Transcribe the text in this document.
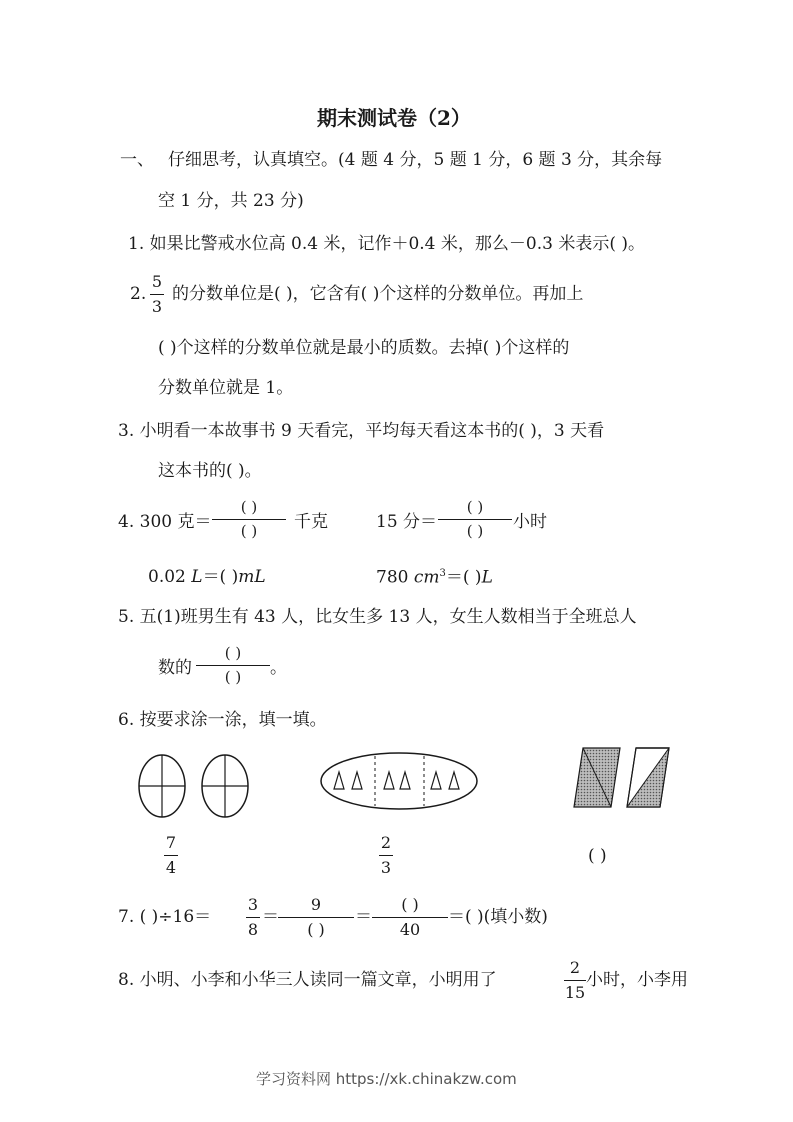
期末测试卷（2）
一、 仔细思考，认真填空。(4 题 4 分，5 题 1 分，6 题 3 分，其余每
空 1 分，共 23 分)
1. 如果比警戒水位高 0.4 米，记作＋0.4 米，那么－0.3 米表示( )。
2.
5
3
的分数单位是( )，它含有( )个这样的分数单位。再加上
( )个这样的分数单位就是最小的质数。去掉( )个这样的
分数单位就是 1。
3. 小明看一本故事书 9 天看完，平均每天看这本书的( )，3 天看
这本书的( )。
4. 300 克＝
( )
( )	千克	15 分＝
( )
( )	小时
0.02 L＝( )mL	780 $cm^3=$( )L
5. 五(1)班男生有 43 人，比女生多 13 人，女生人数相当于全班总人
数的
( )
( )	。
6. 按要求涂一涂，填一填。
7
4
2
3
( )
7. ( )÷16＝
3
8
＝
9
( )
＝
( )
40
＝( )(填小数)
8. 小明、小李和小华三人读同一篇文章，小明用了
2
15
小时，小李用
学习资料网 https://xk.chinakzw.com
